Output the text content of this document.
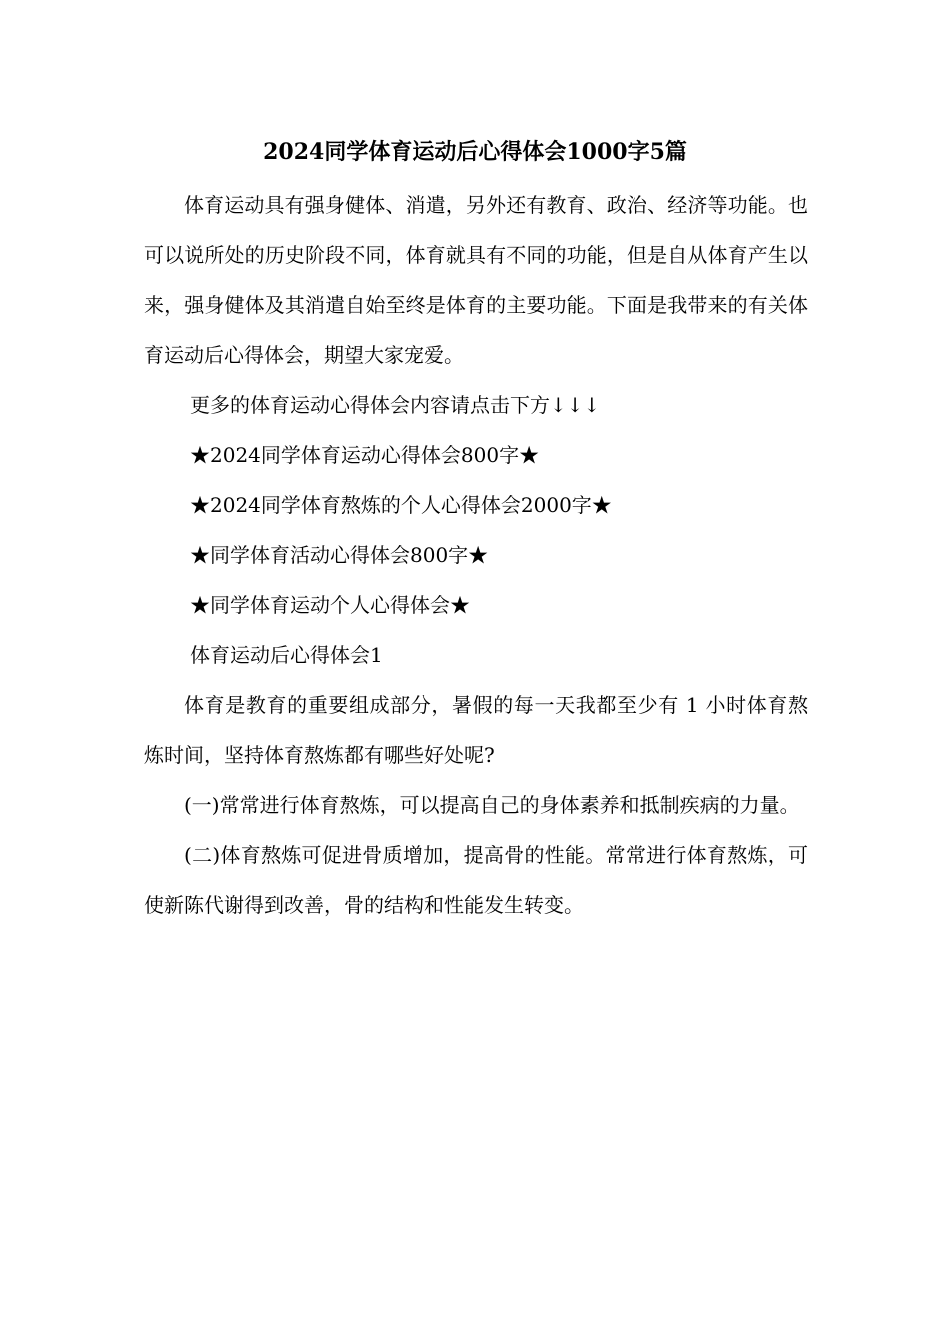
2024同学体育运动后心得体会1000字5篇

体育运动具有强身健体、消遣，另外还有教育、政治、经济等功能。也可以说所处的历史阶段不同，体育就具有不同的功能，但是自从体育产生以来，强身健体及其消遣自始至终是体育的主要功能。下面是我带来的有关体育运动后心得体会，期望大家宠爱。

更多的体育运动心得体会内容请点击下方↓↓↓

★2024同学体育运动心得体会800字★

★2024同学体育熬炼的个人心得体会2000字★

★同学体育活动心得体会800字★

★同学体育运动个人心得体会★

体育运动后心得体会1

体育是教育的重要组成部分，暑假的每一天我都至少有 1 小时体育熬炼时间，坚持体育熬炼都有哪些好处呢?

(一)常常进行体育熬炼，可以提高自己的身体素养和抵制疾病的力量。

(二)体育熬炼可促进骨质增加，提高骨的性能。常常进行体育熬炼，可使新陈代谢得到改善，骨的结构和性能发生转变。
